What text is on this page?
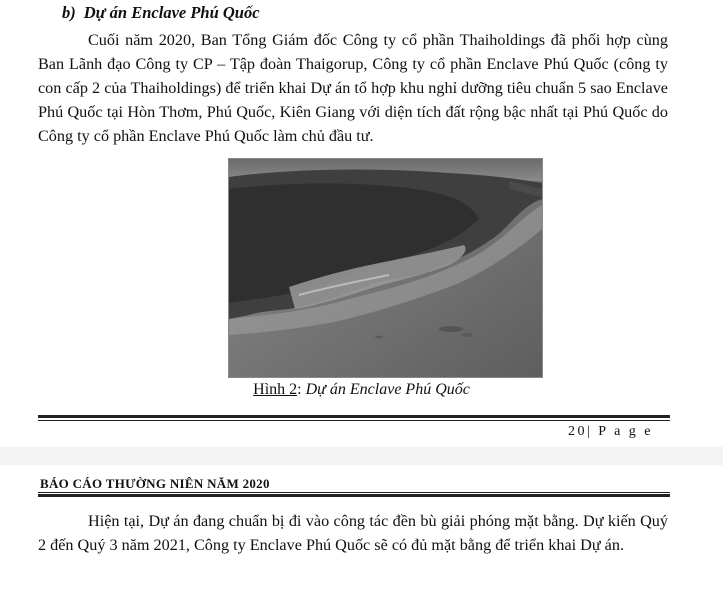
b) Dự án Enclave Phú Quốc
Cuối năm 2020, Ban Tổng Giám đốc Công ty cổ phần Thaiholdings đã phối hợp cùng Ban Lãnh đạo Công ty CP – Tập đoàn Thaigorup, Công ty cổ phần Enclave Phú Quốc (công ty con cấp 2 của Thaiholdings) để triển khai Dự án tổ hợp khu nghỉ dưỡng tiêu chuẩn 5 sao Enclave Phú Quốc tại Hòn Thơm, Phú Quốc, Kiên Giang với diện tích đất rộng bậc nhất tại Phú Quốc do Công ty cổ phần Enclave Phú Quốc làm chủ đầu tư.
Hình 2: Dự án Enclave Phú Quốc
20| P a g e
BÁO CÁO THƯỜNG NIÊN NĂM 2020
Hiện tại, Dự án đang chuẩn bị đi vào công tác đền bù giải phóng mặt bằng. Dự kiến Quý 2 đến Quý 3 năm 2021, Công ty Enclave Phú Quốc sẽ có đủ mặt bằng để triển khai Dự án.
